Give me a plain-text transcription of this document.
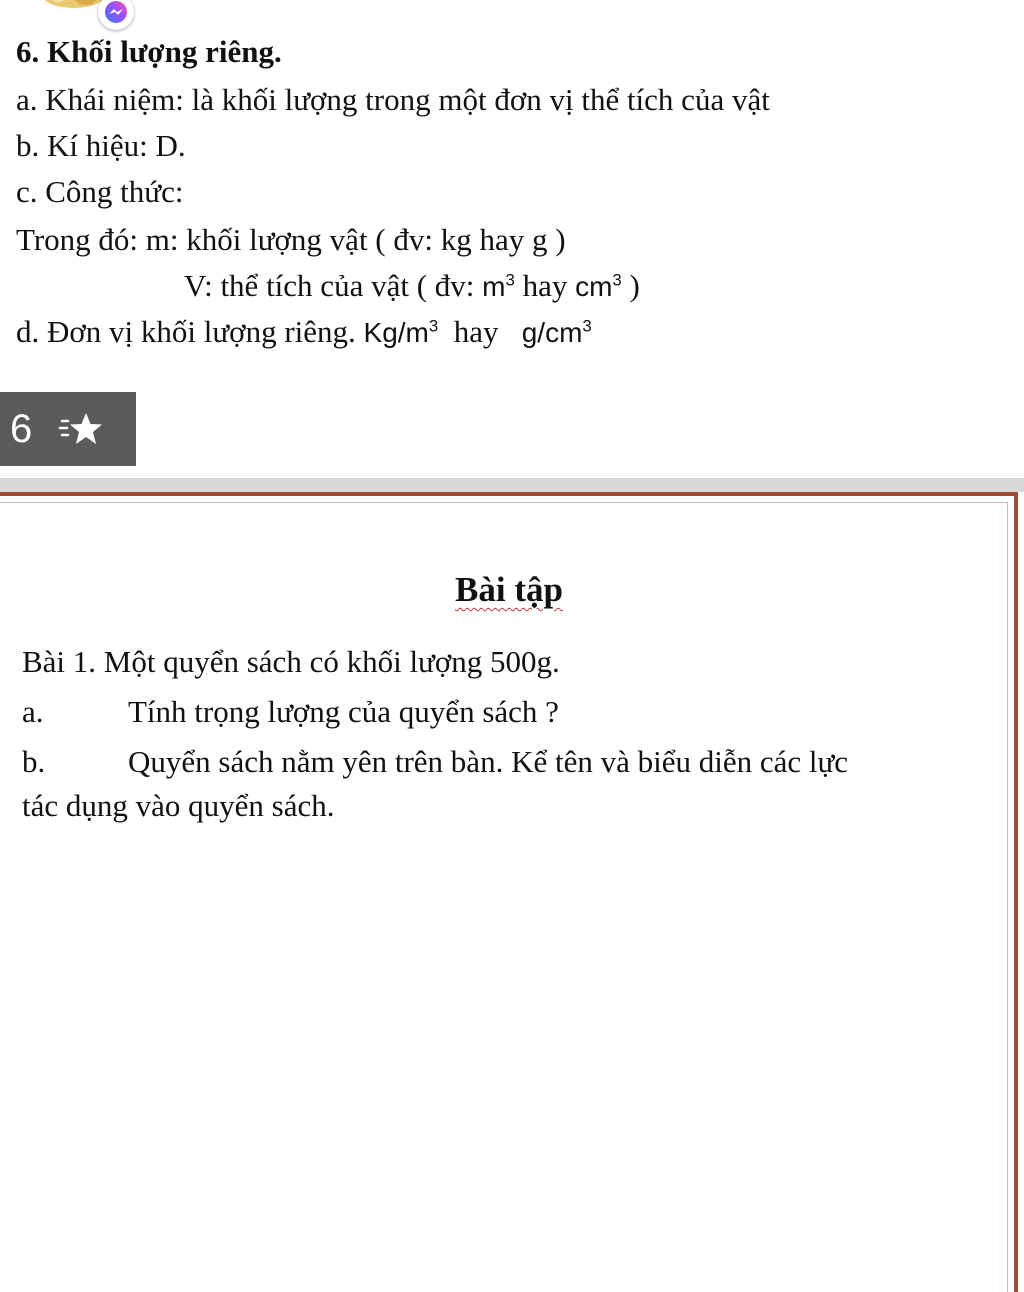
6. Khối lượng riêng.
a. Khái niệm: là khối lượng trong một đơn vị thể tích của vật
b. Kí hiệu: D.
c. Công thức:
Trong đó: m: khối lượng vật ( đv: kg hay g )
V: thể tích của vật ( đv: $m^3$ hay $cm^3$ )
d. Đơn vị khối lượng riêng. $Kg/m^3$  hay   $g/cm^3$
6
Bài tập
Bài 1. Một quyển sách có khối lượng 500g.
a.	Tính trọng lượng của quyển sách ?
b.	Quyển sách nằm yên trên bàn. Kể tên và biểu diễn các lực
tác dụng vào quyển sách.
